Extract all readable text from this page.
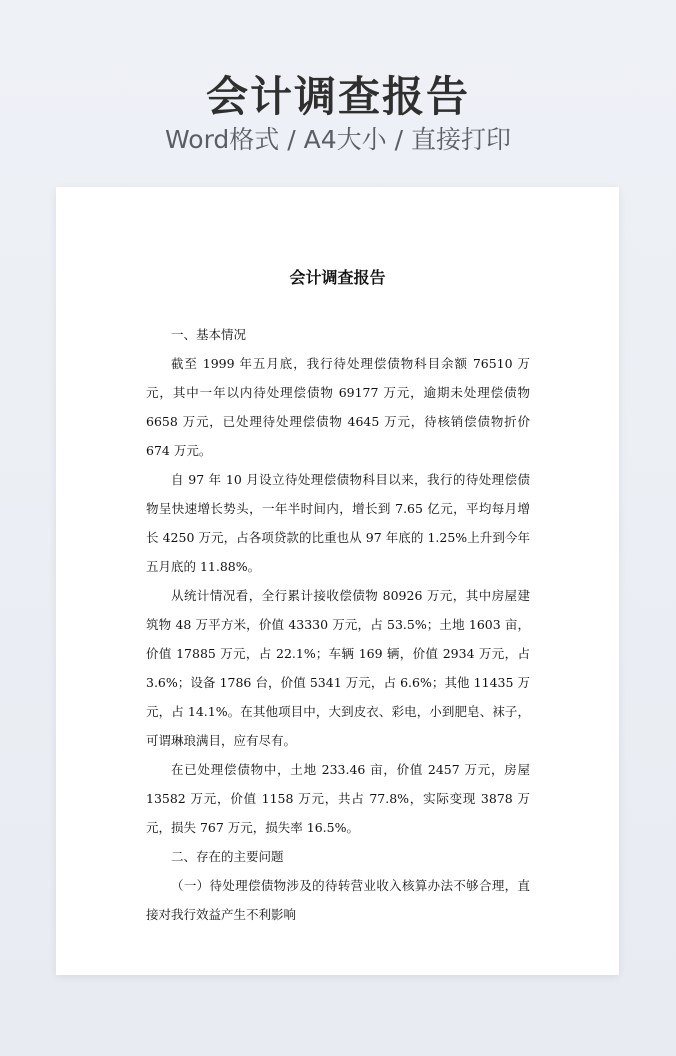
会计调查报告
Word格式 / A4大小 / 直接打印
会计调查报告

一、基本情况

截至 1999 年五月底，我行待处理偿债物科目余额 76510 万元，其中一年以内待处理偿债物 69177 万元，逾期未处理偿债物 6658 万元，已处理待处理偿债物 4645 万元，待核销偿债物折价 674 万元。

自 97 年 10 月设立待处理偿债物科目以来，我行的待处理偿债物呈快速增长势头，一年半时间内，增长到 7.65 亿元，平均每月增长 4250 万元，占各项贷款的比重也从 97 年底的 1.25%上升到今年五月底的 11.88%。

从统计情况看，全行累计接收偿债物 80926 万元，其中房屋建筑物 48 万平方米，价值 43330 万元，占 53.5%；土地 1603 亩，价值 17885 万元，占 22.1%；车辆 169 辆，价值 2934 万元，占 3.6%；设备 1786 台，价值 5341 万元，占 6.6%；其他 11435 万元，占 14.1%。在其他项目中，大到皮衣、彩电，小到肥皂、袜子，可谓琳琅满目，应有尽有。

在已处理偿债物中，土地 233.46 亩，价值 2457 万元，房屋 13582 万元，价值 1158 万元，共占 77.8%，实际变现 3878 万元，损失 767 万元，损失率 16.5%。

二、存在的主要问题

（一）待处理偿债物涉及的待转营业收入核算办法不够合理，直接对我行效益产生不利影响
